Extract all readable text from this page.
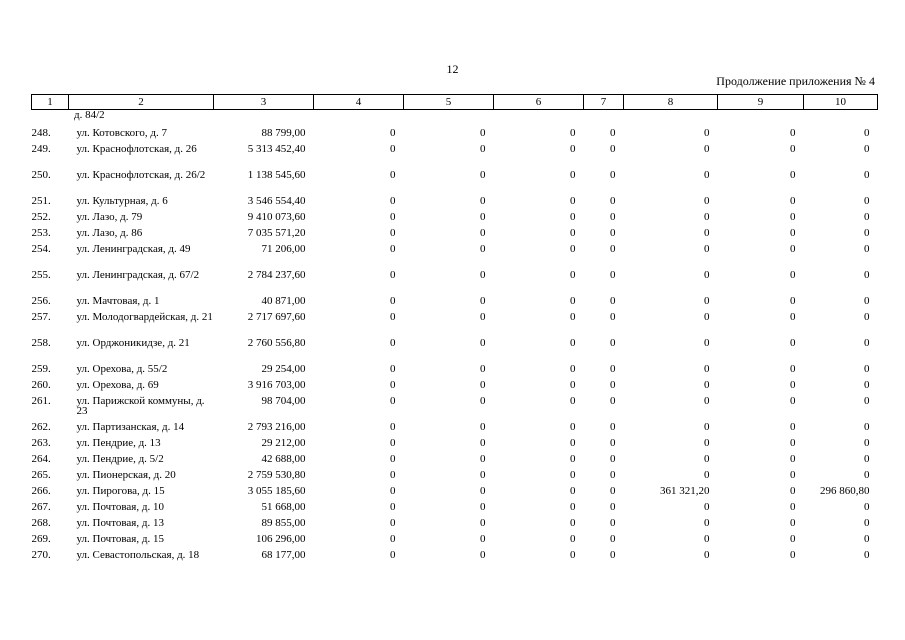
12
Продолжение приложения № 4
д. 84/2
1	2	3	4	5	6	7	8	9	10

248.	ул. Котовского, д. 7	88 799,00	0	0	0	0	0	0	0
249.	ул. Краснофлотская, д. 26	5 313 452,40	0	0	0	0	0	0	0
250.	ул. Краснофлотская, д. 26/2	1 138 545,60	0	0	0	0	0	0	0
251.	ул. Культурная, д. 6	3 546 554,40	0	0	0	0	0	0	0
252.	ул. Лазо, д. 79	9 410 073,60	0	0	0	0	0	0	0
253.	ул. Лазо, д. 86	7 035 571,20	0	0	0	0	0	0	0
254.	ул. Ленинградская, д. 49	71 206,00	0	0	0	0	0	0	0
255.	ул. Ленинградская, д. 67/2	2 784 237,60	0	0	0	0	0	0	0
256.	ул. Мачтовая, д. 1	40 871,00	0	0	0	0	0	0	0
257.	ул. Молодогвардейская, д. 21	2 717 697,60	0	0	0	0	0	0	0
258.	ул. Орджоникидзе, д. 21	2 760 556,80	0	0	0	0	0	0	0
259.	ул. Орехова, д. 55/2	29 254,00	0	0	0	0	0	0	0
260.	ул. Орехова, д. 69	3 916 703,00	0	0	0	0	0	0	0
261.	ул. Парижской коммуны, д. 23	98 704,00	0	0	0	0	0	0	0
262.	ул. Партизанская, д. 14	2 793 216,00	0	0	0	0	0	0	0
263.	ул. Пендрие, д. 13	29 212,00	0	0	0	0	0	0	0
264.	ул. Пендрие, д. 5/2	42 688,00	0	0	0	0	0	0	0
265.	ул. Пионерская, д. 20	2 759 530,80	0	0	0	0	0	0	0
266.	ул. Пирогова, д. 15	3 055 185,60	0	0	0	0	361 321,20	0	296 860,80
267.	ул. Почтовая, д. 10	51 668,00	0	0	0	0	0	0	0
268.	ул. Почтовая, д. 13	89 855,00	0	0	0	0	0	0	0
269.	ул. Почтовая, д. 15	106 296,00	0	0	0	0	0	0	0
270.	ул. Севастопольская, д. 18	68 177,00	0	0	0	0	0	0	0
